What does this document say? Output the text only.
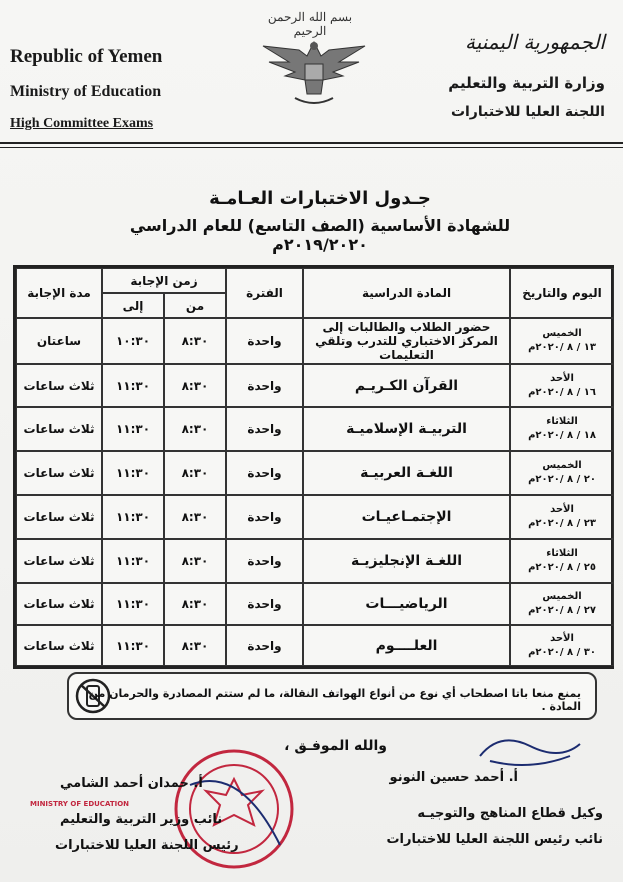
Republic of Yemen
Ministry of Education
High Committee Exams
بسم الله الرحمن الرحيم	الجمهورية اليمنية
وزارة التربية والتعليم
اللجنة العليا للاختبارات
جـدول الاختبارات العـامـة
للشهادة الأساسية (الصف التاسع) للعام الدراسي ٢٠١٩/٢٠٢٠م
اليوم والتاريخ
المادة الدراسية
الفترة
زمن الإجابة
من
إلى
مدة الإجابة
الخميس
١٣ / ٨ /٢٠٢٠م
حضور الطلاب والطالبات إلى المركز الاختباري للتدرب وتلقي التعليمات
واحدة
٨:٣٠
١٠:٣٠
ساعتان
الأحد
١٦ / ٨ /٢٠٢٠م
القرآن الكـريـم
واحدة
٨:٣٠
١١:٣٠
ثلاث ساعات
الثلاثاء
١٨ / ٨ /٢٠٢٠م
التربيـة الإسلاميـة
واحدة
٨:٣٠
١١:٣٠
ثلاث ساعات
الخميس
٢٠ / ٨ /٢٠٢٠م
اللغـة العربيـة
واحدة
٨:٣٠
١١:٣٠
ثلاث ساعات
الأحد
٢٣ / ٨ /٢٠٢٠م
الإجتمـاعيـات
واحدة
٨:٣٠
١١:٣٠
ثلاث ساعات
الثلاثاء
٢٥ / ٨ /٢٠٢٠م
اللغـة الإنجليزيـة
واحدة
٨:٣٠
١١:٣٠
ثلاث ساعات
الخميس
٢٧ / ٨ /٢٠٢٠م
الرياضيـــات
واحدة
٨:٣٠
١١:٣٠
ثلاث ساعات
الأحد
٣٠ / ٨ /٢٠٢٠م
العلــــوم
واحدة
٨:٣٠
١١:٣٠
ثلاث ساعات
يمنع منعا باتا اصطحاب أي نوع من أنواع الهواتف النقالة، ما لم ستتم المصادرة والحرمان من المادة .
والله الموفـق ،
أ. أحمد حسين النونو
وكيل قطاع المناهج والتوجيـه
نائب رئيس اللجنة العليا للاختبارات
MINISTRY OF EDUCATION
أ. حمدان أحمد الشامي
نائب وزير التربية والتعليم
رئيس اللجنة العليا للاختبارات
